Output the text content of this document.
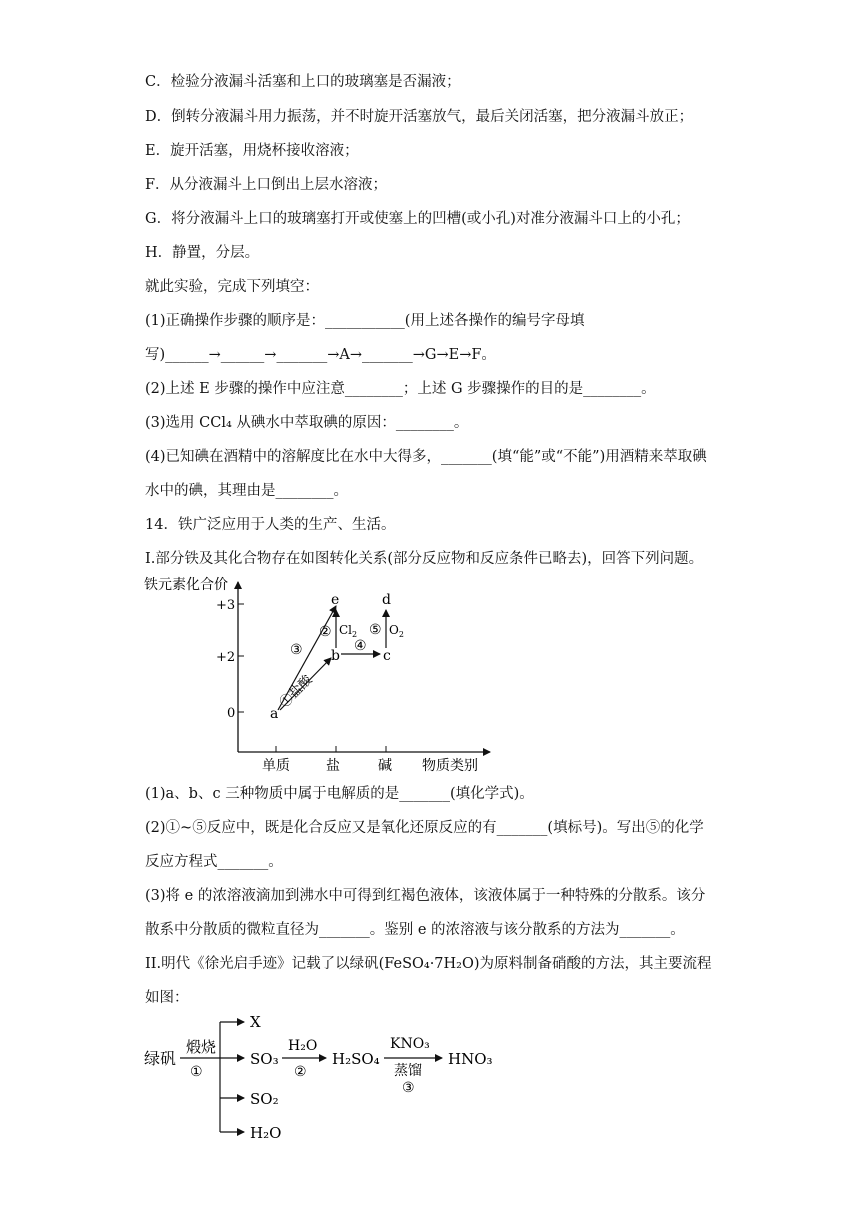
C．检验分液漏斗活塞和上口的玻璃塞是否漏液；
D．倒转分液漏斗用力振荡，并不时旋开活塞放气，最后关闭活塞，把分液漏斗放正；
E．旋开活塞，用烧杯接收溶液；
F．从分液漏斗上口倒出上层水溶液；
G．将分液漏斗上口的玻璃塞打开或使塞上的凹槽(或小孔)对准分液漏斗口上的小孔；
H．静置，分层。
就此实验，完成下列填空：
(1)正确操作步骤的顺序是：___________(用上述各操作的编号字母填
写)______→______→_______→A→_______→G→E→F。
(2)上述 E 步骤的操作中应注意________；上述 G 步骤操作的目的是________。
(3)选用 CCl₄ 从碘水中萃取碘的原因：________。
(4)已知碘在酒精中的溶解度比在水中大得多，_______(填“能”或“不能”)用酒精来萃取碘
水中的碘，其理由是________。
14．铁广泛应用于人类的生产、生活。
I.部分铁及其化合物存在如图转化关系(部分反应物和反应条件已略去)，回答下列问题。
铁元素化合价
物质类别
+3
+2
0
单质	盐	碱
a
b	c
e	d
③
② $Cl_2$ ⑤ $O_2$
④
①盐酸
(1)a、b、c 三种物质中属于电解质的是_______(填化学式)。
(2)①~⑤反应中，既是化合反应又是氧化还原反应的有_______(填标号)。写出⑤的化学
反应方程式_______。
(3)将 e 的浓溶液滴加到沸水中可得到红褐色液体，该液体属于一种特殊的分散系。该分
散系中分散质的微粒直径为_______。鉴别 e 的浓溶液与该分散系的方法为_______。
II.明代《徐光启手迹》记载了以绿矾(FeSO₄·7H₂O)为原料制备硝酸的方法，其主要流程
如图：
绿矾
煅烧
①
X
SO₃
SO₂
H₂O
H₂O
②
H₂SO₄
KNO₃
蒸馏
③
HNO₃
